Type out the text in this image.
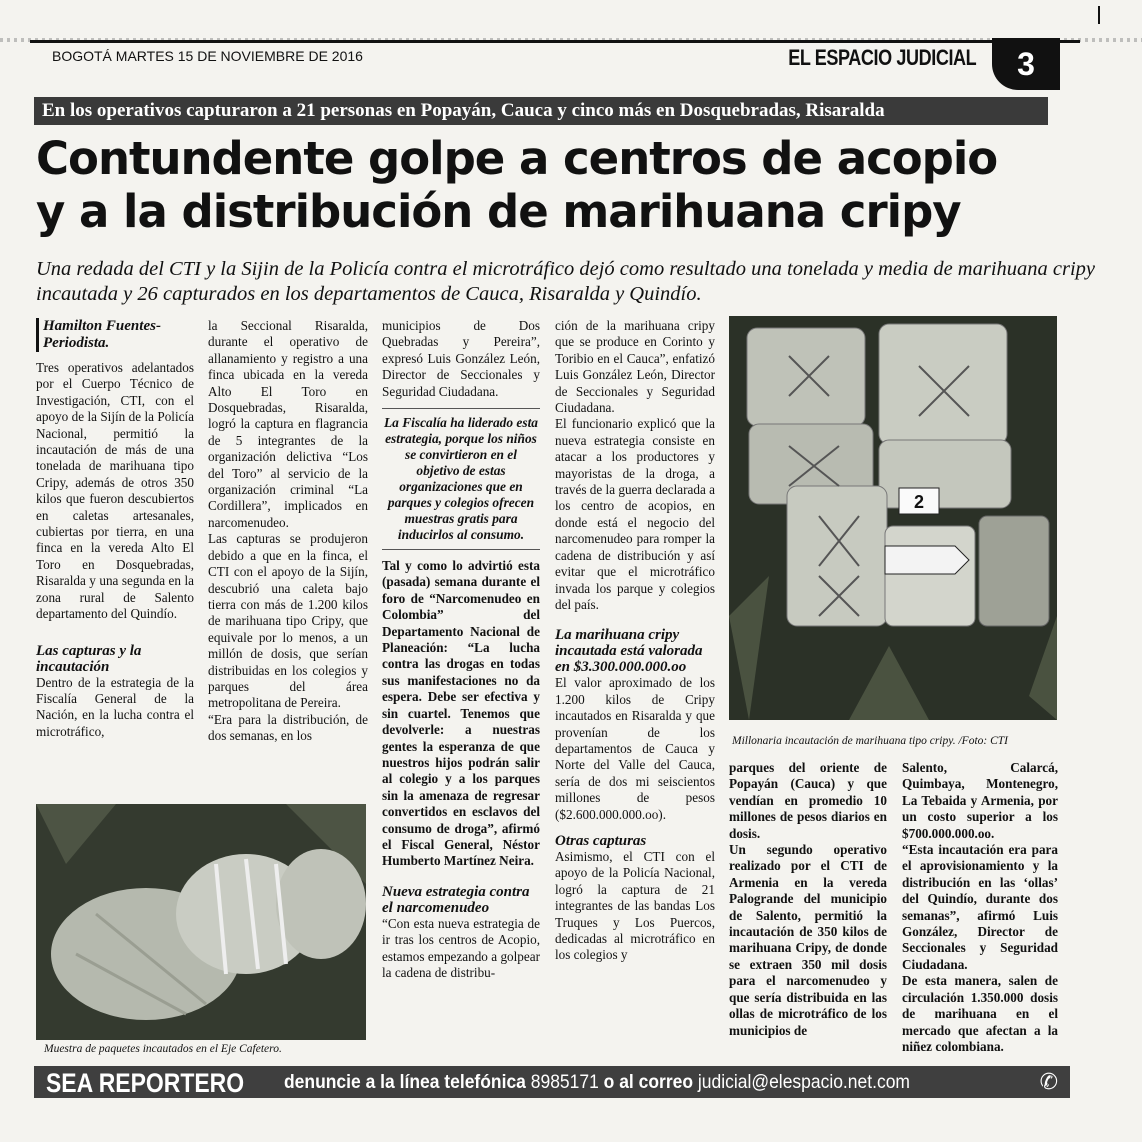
BOGOTÁ MARTES 15 DE NOVIEMBRE DE 2016	EL ESPACIO JUDICIAL	3
En los operativos capturaron a 21 personas en Popayán, Cauca y cinco más en Dosquebradas, Risaralda
Contundente golpe a centros de acopio
y a la distribución de marihuana cripy
Una redada del CTI y la Sijin de la Policía contra el microtráfico dejó como resultado una tonelada y media de marihuana cripy incautada y 26 capturados en los departamentos de Cauca, Risaralda y Quindío.
Hamilton Fuentes-
Periodista.

Tres operativos adelantados por el Cuerpo Técnico de Investigación, CTI, con el apoyo de la Sijín de la Policía Nacional, permitió la incautación de más de una tonelada de marihuana tipo Cripy, además de otros 350 kilos que fueron descubiertos en caletas artesanales, cubiertas por tierra, en una finca en la vereda Alto El Toro en Dosquebradas, Risaralda y una segunda en la zona rural de Salento departamento del Quindío.

Las capturas y la incautación

Dentro de la estrategia de la Fiscalía General de la Nación, en la lucha contra el microtráfico,

la Seccional Risaralda, durante el operativo de allanamiento y registro a una finca ubicada en la vereda Alto El Toro en Dosquebradas, Risaralda, logró la captura en flagrancia de 5 integrantes de la organización delictiva “Los del Toro” al servicio de la organización criminal “La Cordillera”, implicados en narcomenudeo.

Las capturas se produjeron debido a que en la finca, el CTI con el apoyo de la Sijín, descubrió una caleta bajo tierra con más de 1.200 kilos de marihuana tipo Cripy, que equivale por lo menos, a un millón de dosis, que serían distribuidas en los colegios y parques del área metropolitana de Pereira.

“Era para la distribución, de dos semanas, en los

municipios de Dos Quebradas y Pereira”, expresó Luis González León, Director de Seccionales y Seguridad Ciudadana.

La Fiscalía ha liderado esta estrategia, porque los niños se convirtieron en el objetivo de estas organizaciones que en parques y colegios ofrecen muestras gratis para inducirlos al consumo.

Tal y como lo advirtió esta (pasada) semana durante el foro de “Narcomenudeo en Colombia” del Departamento Nacional de Planeación: “La lucha contra las drogas en todas sus manifestaciones no da espera. Debe ser efectiva y sin cuartel. Tenemos que devolverle: a nuestras gentes la esperanza de que nuestros hijos podrán salir al colegio y a los parques sin la amenaza de regresar convertidos en esclavos del consumo de droga”, afirmó el Fiscal General, Néstor Humberto Martínez Neira.

Nueva estrategia contra el narcomenudeo

“Con esta nueva estrategia de ir tras los centros de Acopio, estamos empezando a golpear la cadena de distribu-

ción de la marihuana cripy que se produce en Corinto y Toribio en el Cauca”, enfatizó Luis González León, Director de Seccionales y Seguridad Ciudadana.

El funcionario explicó que la nueva estrategia consiste en atacar a los productores y mayoristas de la droga, a través de la guerra declarada a los centro de acopios, en donde está el negocio del narcomenudeo para romper la cadena de distribución y así evitar que el microtráfico invada los parque y colegios del país.

La marihuana cripy incautada está valorada en $3.300.000.000.oo

El valor aproximado de los 1.200 kilos de Cripy incautados en Risaralda y que provenían de los departamentos de Cauca y Norte del Valle del Cauca, sería de dos mi seiscientos millones de pesos ($2.600.000.000.oo).

Otras capturas

Asimismo, el CTI con el apoyo de la Policía Nacional, logró la captura de 21 integrantes de las bandas Los Truques y Los Puercos, dedicadas al microtráfico en los colegios y

2
Millonaria incautación de marihuana tipo cripy. /Foto: CTI

parques del oriente de Popayán (Cauca) y que vendían en promedio 10 millones de pesos diarios en dosis.

Un segundo operativo realizado por el CTI de Armenia en la vereda Palogrande del municipio de Salento, permitió la incautación de 350 kilos de marihuana Cripy, de donde se extraen 350 mil dosis para el narcomenudeo y que sería distribuida en las ollas de microtráfico de los municipios de

Salento, Calarcá, Quimbaya, Montenegro, La Tebaida y Armenia, por un costo superior a los $700.000.000.oo.

“Esta incautación era para el aprovisionamiento y la distribución en las ‘ollas’ del Quindío, durante dos semanas”, afirmó Luis González, Director de Seccionales y Seguridad Ciudadana.

De esta manera, salen de circulación 1.350.000 dosis de marihuana en el mercado que afectan a la niñez colombiana.

Muestra de paquetes incautados en el Eje Cafetero.
SEA REPORTERO denuncie a la línea telefónica 8985171 o al correo judicial@elespacio.net.com	✆
